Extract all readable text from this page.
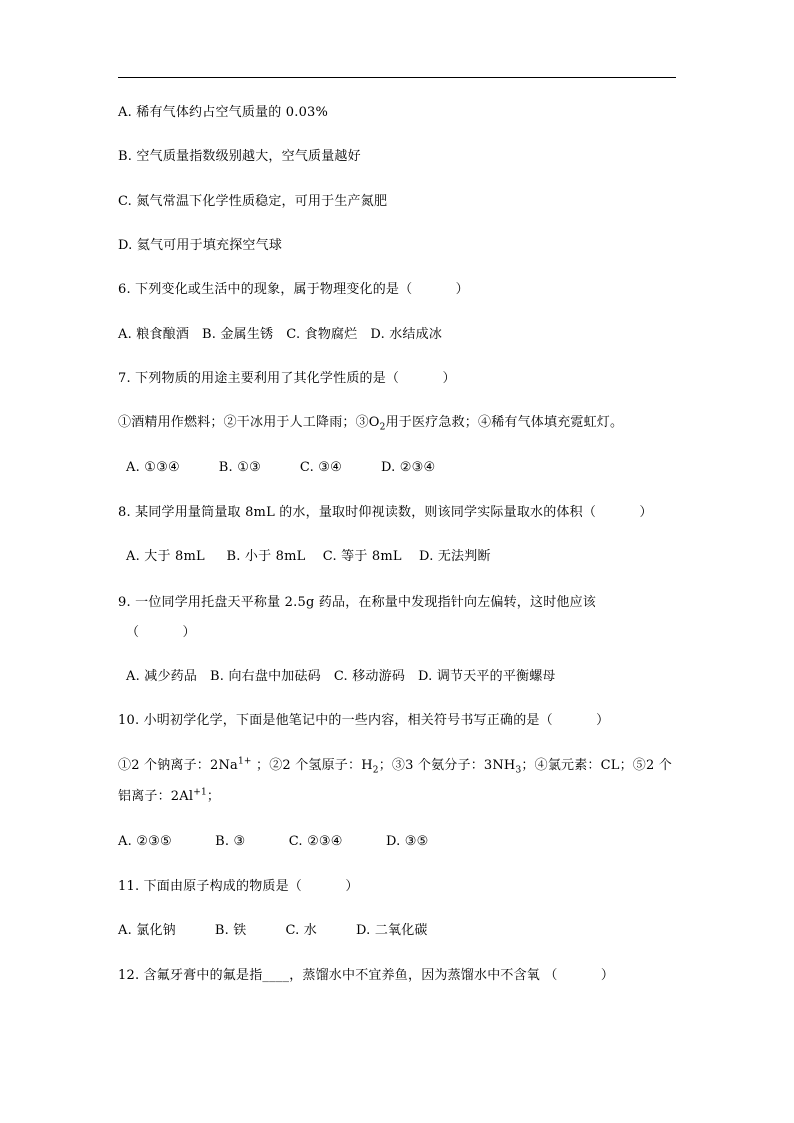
A. 稀有气体约占空气质量的 0.03%
B. 空气质量指数级别越大，空气质量越好
C. 氮气常温下化学性质稳定，可用于生产氮肥
D. 氦气可用于填充探空气球
6. 下列变化或生活中的现象，属于物理变化的是（          ）
A. 粮食酿酒   B. 金属生锈   C. 食物腐烂   D. 水结成冰
7. 下列物质的用途主要利用了其化学性质的是（          ）
①酒精用作燃料；②干冰用于人工降雨；$③O_2$用于医疗急救；④稀有气体填充霓虹灯。
A. ①③④         B. ①③         C. ③④         D. ②③④
8. 某同学用量筒量取 8mL 的水，量取时仰视读数，则该同学实际量取水的体积（          ）
A. 大于 8mL     B. 小于 8mL    C. 等于 8mL    D. 无法判断
9. 一位同学用托盘天平称量 2.5g 药品，在称量中发现指针向左偏转，这时他应该
（          ）
A. 减少药品   B. 向右盘中加砝码   C. 移动游码   D. 调节天平的平衡螺母
10. 小明初学化学，下面是他笔记中的一些内容，相关符号书写正确的是（          ）
①2 个钠离子：$2Na^{1+}$ ；②2 个氢原子：$H_2$；③3 个氨分子：$3NH_3$；④氯元素：CL；⑤2 个
铝离子：$2Al^{+1}$；
A. ②③⑤          B. ③          C. ②③④          D. ③⑤
11. 下面由原子构成的物质是（          ）
A. 氯化钠         B. 铁         C. 水         D. 二氧化碳
12. 含氟牙膏中的氟是指____，蒸馏水中不宜养鱼，因为蒸馏水中不含氧 （          ）
